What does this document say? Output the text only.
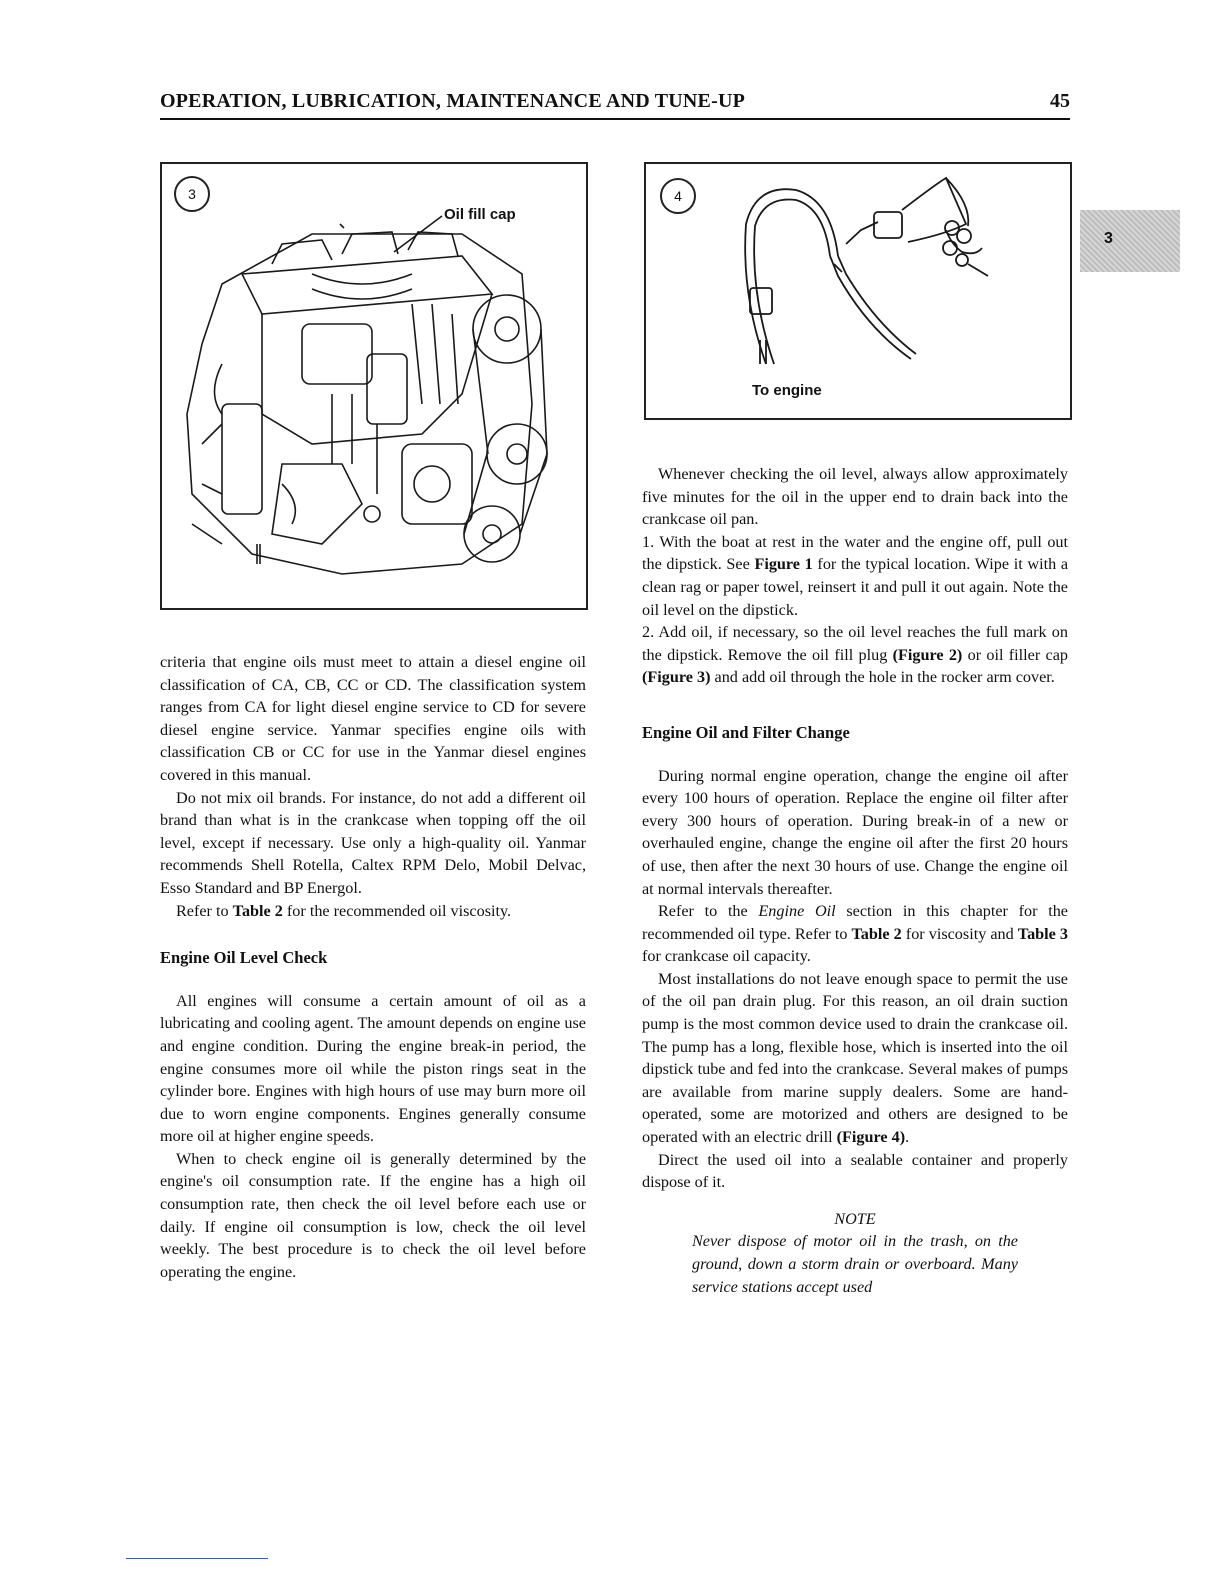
OPERATION, LUBRICATION, MAINTENANCE AND TUNE-UP	45
3
3
Oil fill cap
4
To engine

criteria that engine oils must meet to attain a diesel engine oil classification of CA, CB, CC or CD. The classification system ranges from CA for light diesel engine service to CD for severe diesel engine service. Yanmar specifies engine oils with classification CB or CC for use in the Yanmar diesel engines covered in this manual.

Do not mix oil brands. For instance, do not add a different oil brand than what is in the crankcase when topping off the oil level, except if necessary. Use only a high-quality oil. Yanmar recommends Shell Rotella, Caltex RPM Delo, Mobil Delvac, Esso Standard and BP Energol.

Refer to Table 2 for the recommended oil viscosity.

Engine Oil Level Check

All engines will consume a certain amount of oil as a lubricating and cooling agent. The amount depends on engine use and engine condition. During the engine break-in period, the engine consumes more oil while the piston rings seat in the cylinder bore. Engines with high hours of use may burn more oil due to worn engine components. Engines generally consume more oil at higher engine speeds.

When to check engine oil is generally determined by the engine's oil consumption rate. If the engine has a high oil consumption rate, then check the oil level before each use or daily. If engine oil consumption is low, check the oil level weekly. The best procedure is to check the oil level before operating the engine.

Whenever checking the oil level, always allow approximately five minutes for the oil in the upper end to drain back into the crankcase oil pan.

1. With the boat at rest in the water and the engine off, pull out the dipstick. See Figure 1 for the typical location. Wipe it with a clean rag or paper towel, reinsert it and pull it out again. Note the oil level on the dipstick.

2. Add oil, if necessary, so the oil level reaches the full mark on the dipstick. Remove the oil fill plug (Figure 2) or oil filler cap (Figure 3) and add oil through the hole in the rocker arm cover.

Engine Oil and Filter Change

During normal engine operation, change the engine oil after every 100 hours of operation. Replace the engine oil filter after every 300 hours of operation. During break-in of a new or overhauled engine, change the engine oil after the first 20 hours of use, then after the next 30 hours of use. Change the engine oil at normal intervals thereafter.

Refer to the Engine Oil section in this chapter for the recommended oil type. Refer to Table 2 for viscosity and Table 3 for crankcase oil capacity.

Most installations do not leave enough space to permit the use of the oil pan drain plug. For this reason, an oil drain suction pump is the most common device used to drain the crankcase oil. The pump has a long, flexible hose, which is inserted into the oil dipstick tube and fed into the crankcase. Several makes of pumps are available from marine supply dealers. Some are hand-operated, some are motorized and others are designed to be operated with an electric drill (Figure 4).

Direct the used oil into a sealable container and properly dispose of it.

NOTE

Never dispose of motor oil in the trash, on the ground, down a storm drain or overboard. Many service stations accept used
